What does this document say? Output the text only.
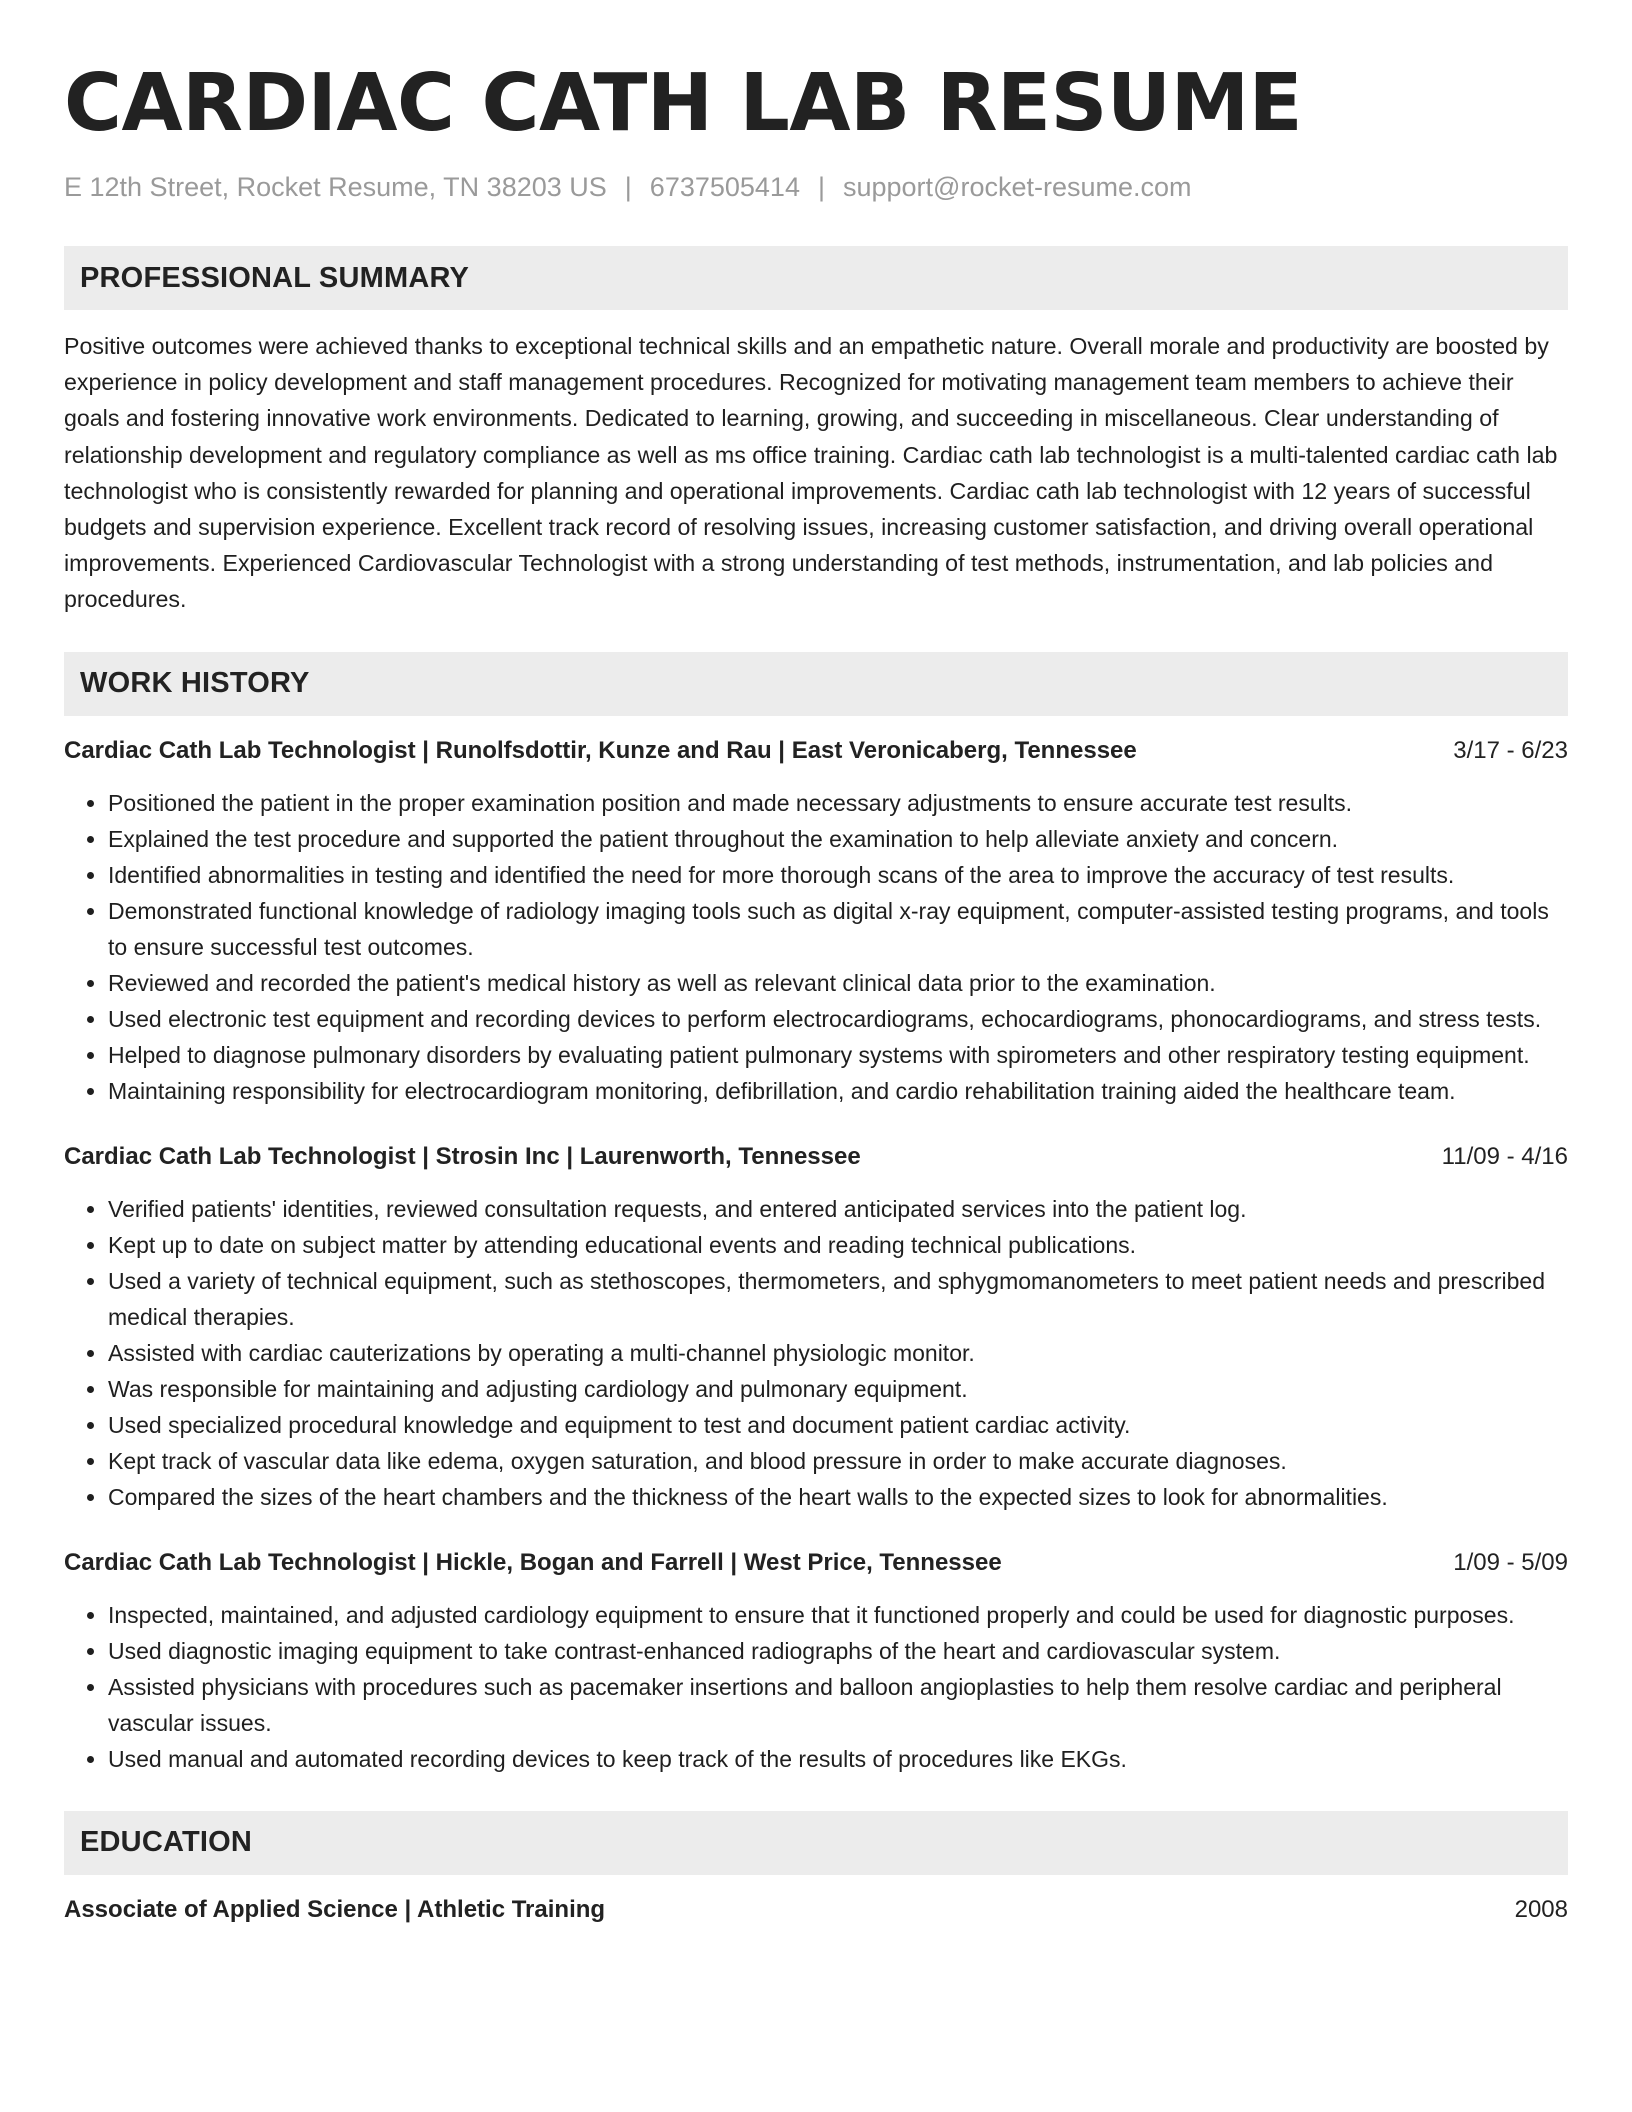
CARDIAC CATH LAB RESUME
E 12th Street, Rocket Resume, TN 38203 US | 6737505414 | support@rocket-resume.com
PROFESSIONAL SUMMARY
Positive outcomes were achieved thanks to exceptional technical skills and an empathetic nature. Overall morale and productivity are boosted by experience in policy development and staff management procedures. Recognized for motivating management team members to achieve their goals and fostering innovative work environments. Dedicated to learning, growing, and succeeding in miscellaneous. Clear understanding of relationship development and regulatory compliance as well as ms office training. Cardiac cath lab technologist is a multi-talented cardiac cath lab technologist who is consistently rewarded for planning and operational improvements. Cardiac cath lab technologist with 12 years of successful budgets and supervision experience. Excellent track record of resolving issues, increasing customer satisfaction, and driving overall operational improvements. Experienced Cardiovascular Technologist with a strong understanding of test methods, instrumentation, and lab policies and procedures.
WORK HISTORY
Cardiac Cath Lab Technologist | Runolfsdottir, Kunze and Rau | East Veronicaberg, Tennessee	3/17 - 6/23
• Positioned the patient in the proper examination position and made necessary adjustments to ensure accurate test results.
• Explained the test procedure and supported the patient throughout the examination to help alleviate anxiety and concern.
• Identified abnormalities in testing and identified the need for more thorough scans of the area to improve the accuracy of test results.
• Demonstrated functional knowledge of radiology imaging tools such as digital x-ray equipment, computer-assisted testing programs, and tools to ensure successful test outcomes.
• Reviewed and recorded the patient's medical history as well as relevant clinical data prior to the examination.
• Used electronic test equipment and recording devices to perform electrocardiograms, echocardiograms, phonocardiograms, and stress tests.
• Helped to diagnose pulmonary disorders by evaluating patient pulmonary systems with spirometers and other respiratory testing equipment.
• Maintaining responsibility for electrocardiogram monitoring, defibrillation, and cardio rehabilitation training aided the healthcare team.
Cardiac Cath Lab Technologist | Strosin Inc | Laurenworth, Tennessee	11/09 - 4/16
• Verified patients' identities, reviewed consultation requests, and entered anticipated services into the patient log.
• Kept up to date on subject matter by attending educational events and reading technical publications.
• Used a variety of technical equipment, such as stethoscopes, thermometers, and sphygmomanometers to meet patient needs and prescribed medical therapies.
• Assisted with cardiac cauterizations by operating a multi-channel physiologic monitor.
• Was responsible for maintaining and adjusting cardiology and pulmonary equipment.
• Used specialized procedural knowledge and equipment to test and document patient cardiac activity.
• Kept track of vascular data like edema, oxygen saturation, and blood pressure in order to make accurate diagnoses.
• Compared the sizes of the heart chambers and the thickness of the heart walls to the expected sizes to look for abnormalities.
Cardiac Cath Lab Technologist | Hickle, Bogan and Farrell | West Price, Tennessee	1/09 - 5/09
• Inspected, maintained, and adjusted cardiology equipment to ensure that it functioned properly and could be used for diagnostic purposes.
• Used diagnostic imaging equipment to take contrast-enhanced radiographs of the heart and cardiovascular system.
• Assisted physicians with procedures such as pacemaker insertions and balloon angioplasties to help them resolve cardiac and peripheral vascular issues.
• Used manual and automated recording devices to keep track of the results of procedures like EKGs.
EDUCATION
Associate of Applied Science | Athletic Training	2008
